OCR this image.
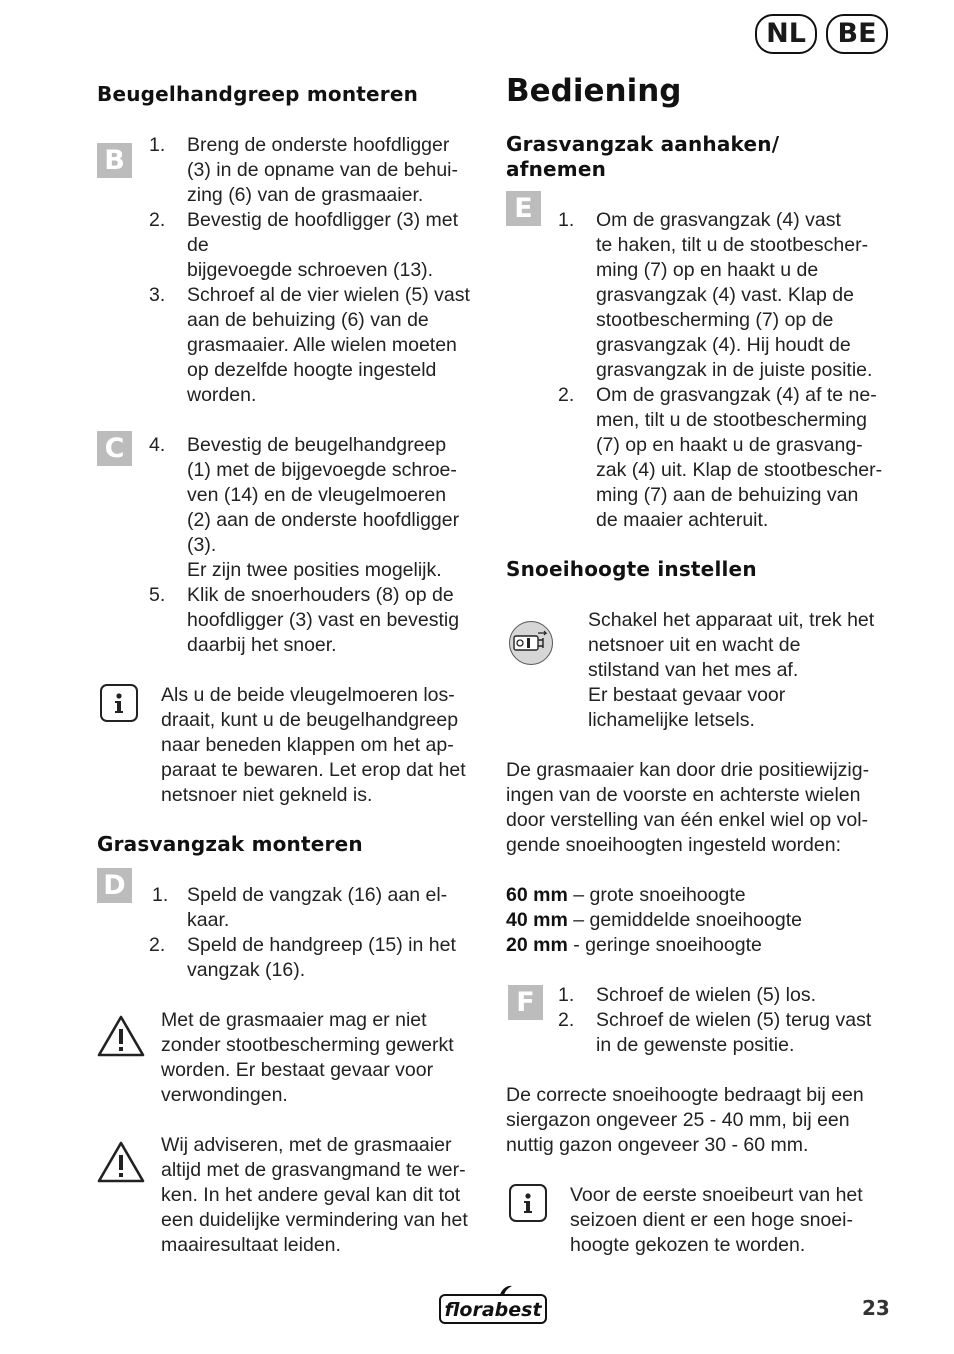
NL	BE
Beugelhandgreep monteren
B	1. Breng de onderste hoofdligger
(3) in de opname van de behui-
zing (6) van de grasmaaier.
2. Bevestig de hoofdligger (3) met
de
bijgevoegde schroeven (13).
3. Schroef al de vier wielen (5) vast
aan de behuizing (6) van de
grasmaaier. Alle wielen moeten
op dezelfde hoogte ingesteld
worden.
C	4. Bevestig de beugelhandgreep
(1) met de bijgevoegde schroe-
ven (14) en de vleugelmoeren
(2) aan de onderste hoofdligger
(3).
Er zijn twee posities mogelijk.
5. Klik de snoerhouders (8) op de
hoofdligger (3) vast en bevestig
daarbij het snoer.
Als u de beide vleugelmoeren los-
draait, kunt u de beugelhandgreep
naar beneden klappen om het ap-
paraat te bewaren. Let erop dat het
netsnoer niet gekneld is.
Grasvangzak monteren
D	1. Speld de vangzak (16) aan el-
kaar.
2. Speld de handgreep (15) in het
vangzak (16).
Met de grasmaaier mag er niet
zonder stootbescherming gewerkt
worden. Er bestaat gevaar voor
verwondingen.
Wij adviseren, met de grasmaaier
altijd met de grasvangmand te wer-
ken. In het andere geval kan dit tot
een duidelijke vermindering van het
maairesultaat leiden.
Bediening
Grasvangzak aanhaken/
afnemen
E	1. Om de grasvangzak (4) vast
te haken, tilt u de stootbescher-
ming (7) op en haakt u de
grasvangzak (4) vast. Klap de
stootbescherming (7) op de
grasvangzak (4). Hij houdt de
grasvangzak in de juiste positie.
2. Om de grasvangzak (4) af te ne-
men, tilt u de stootbescherming
(7) op en haakt u de grasvang-
zak (4) uit. Klap de stootbescher-
ming (7) aan de behuizing van
de maaier achteruit.
Snoeihoogte instellen
Schakel het apparaat uit, trek het
netsnoer uit en wacht de
stilstand van het mes af.
Er bestaat gevaar voor
lichamelijke letsels.
De grasmaaier kan door drie positiewijzig-
ingen van de voorste en achterste wielen
door verstelling van één enkel wiel op vol-
gende snoeihoogten ingesteld worden:
60 mm – grote snoeihoogte
40 mm – gemiddelde snoeihoogte
20 mm - geringe snoeihoogte
F	1. Schroef de wielen (5) los.
2. Schroef de wielen (5) terug vast
in de gewenste positie.
De correcte snoeihoogte bedraagt bij een
siergazon ongeveer 25 - 40 mm, bij een
nuttig gazon ongeveer 30 - 60 mm.
Voor de eerste snoeibeurt van het
seizoen dient er een hoge snoei-
hoogte gekozen te worden.
florabest	23
